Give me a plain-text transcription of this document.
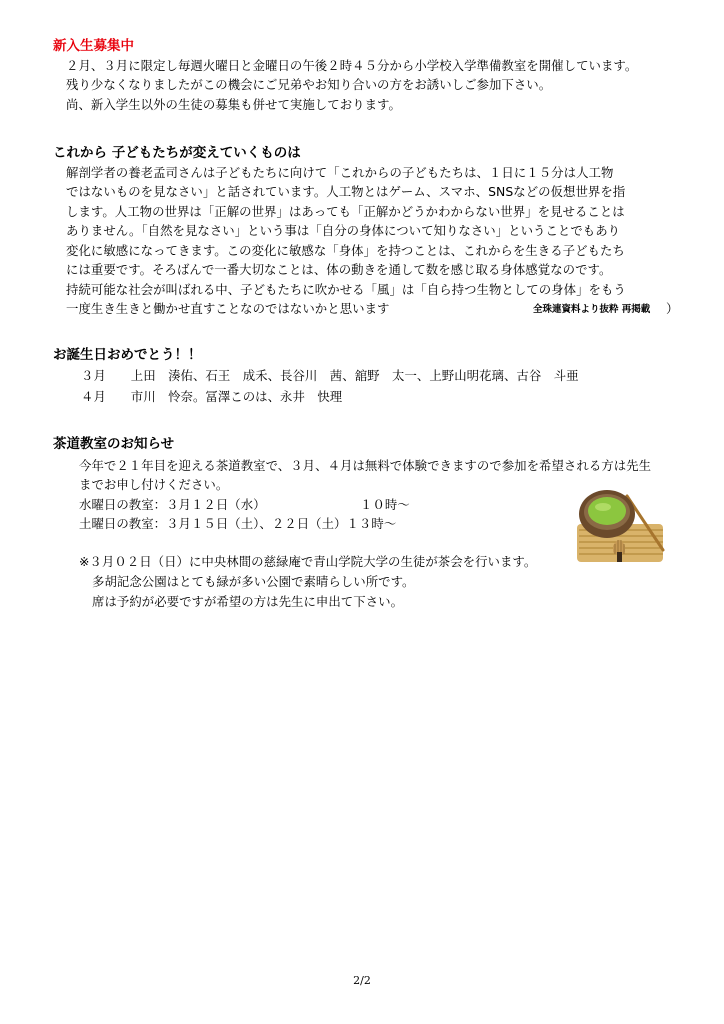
新入生募集中
２月、３月に限定し毎週火曜日と金曜日の午後２時４５分から小学校入学準備教室を開催しています。
残り少なくなりましたがこの機会にご兄弟やお知り合いの方をお誘いしご参加下さい。
尚、新入学生以外の生徒の募集も併せて実施しております。
これから 子どもたちが変えていくものは
解剖学者の養老孟司さんは子どもたちに向けて「これからの子どもたちは、１日に１５分は人工物
ではないものを見なさい」と話されています。人工物とはゲーム、スマホ、SNSなどの仮想世界を指
します。人工物の世界は「正解の世界」はあっても「正解かどうかわからない世界」を見せることは
ありません。「自然を見なさい」という事は「自分の身体について知りなさい」ということでもあり
変化に敏感になってきます。この変化に敏感な「身体」を持つことは、これからを生きる子どもたち
には重要です。そろばんで一番大切なことは、体の動きを通して数を感じ取る身体感覚なのです。
持続可能な社会が叫ばれる中、子どもたちに吹かせる「風」は「自ら持つ生物としての身体」をもう
一度生き生きと働かせ直すことなのではないかと思います	全珠連資料より抜粋 再掲載 ）
お誕生日おめでとう！！
３月　　上田　湊佑、石王　成禾、長谷川　茜、舘野　太一、上野山明花璃、古谷　斗亜
４月　　市川　怜奈。冨澤このは、永井　快理
茶道教室のお知らせ
今年で２１年目を迎える茶道教室で、３月、４月は無料で体験できますので参加を希望される方は先生
までお申し付けください。
水曜日の教室：３月１２日（水）	１０時～
土曜日の教室：３月１５日（土）、２２日（土）１３時～
※３月０２日（日）に中央林間の慈緑庵で青山学院大学の生徒が茶会を行います。
多胡記念公園はとても緑が多い公園で素晴らしい所です。
席は予約が必要ですが希望の方は先生に申出て下さい。
2/2
